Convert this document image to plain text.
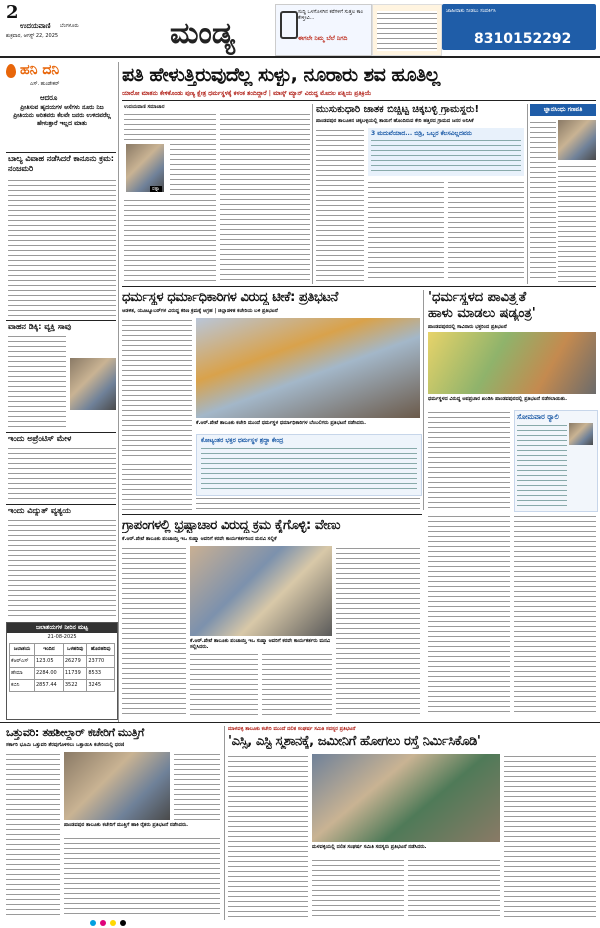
2
ಉದಯವಾಣಿ ಬೆಂಗಳೂರು
ಶುಕ್ರವಾರ, ಆಗಸ್ಟ್ 22, 2025	ಮಂಡ್ಯ
ಸುದ್ದಿ ಒಳಗೊಳಗಿನ ಕರೆಗಳಿಗೆ ಸುತ್ತಲ ಕಾಂ ಕೇಳ್ತೀವಿ...
ಈಗಲೇ ನಿಮ್ಮ ಬೆಲೆ ನಿಗದಿ
ಜಾಹೀರಾತು ನೀಡಲು ಸಂಪರ್ಕಿಸಿ
8310152292
ಹನಿ ದನಿ
ಎಸ್. ಹುಂಡೇಕರ್
ಆದರೂ
ಪ್ರೀತಿಸುವ ಹೃದಯಗಳ ಆಸೆಗಳು ನೂರು ನಿಜ ಪ್ರೀತಿಯನು ಅರಿತವರು ಕೆಲವೇ ಜನರು ಉಳಿದವರೆಲ್ಲ ಹೇಳುತ್ತಾರೆ ಇಲ್ಲದ ಮಾತು
ಬಾಲ್ಯ ವಿವಾಹ ನಡೆಸಿದರೆ ಕಾನೂನು ಕ್ರಮ: ನಂಜಮರಿ
ವಾಹನ ಡಿಕ್ಕಿ: ವ್ಯಕ್ತಿ ಸಾವು
ಇಂದು ಅಪ್ರೆಂಟಿಸ್ ಮೇಳ
ಇಂದು ವಿದ್ಯುತ್ ವ್ಯತ್ಯಯ
ಜಲಾಶಯಗಳ ನೀರಿನ ಮಟ್ಟ
21-08-2025
ಜಲಾಶಯ	ಇಂದಿನ	ಒಳಹರಿವು	ಹೊರಹರಿವು
ಕೆಆರ್‌ಎಸ್	123.05	26279	23770
ಹೇಮಾ	2284.00	11739	8533
ಕಬಿನಿ	2857.44	3522	3245
ಪತಿ ಹೇಳುತ್ತಿರುವುದೆಲ್ಲ ಸುಳ್ಳು, ನೂರಾರು ಶವ ಹೂತಿಲ್ಲ
ಯಾರೋ ಮಾತನು ಕೇಳಿಕೊಂಡು ಪುಣ್ಯ ಕ್ಷೇತ್ರ ಧರ್ಮಸ್ಥಳಕ್ಕೆ ಕಳಂಕ ತಂದಿದ್ದಾರೆ | ಮಾಸ್ಕ್ ಮ್ಯಾನ್ ವಿರುದ್ಧ ಮೊದಲ ಪತ್ನಿಯ ಪ್ರತಿಕ್ರಿಯೆ
ಉದಯವಾಣಿ ಸಮಾಚಾರ
ರತ್ನಾ
ಮುಸುಕುಧಾರಿ ಜಾತಕ ಬಿಚ್ಚಿಟ್ಟ ಚಿಕ್ಕಬಳ್ಳಿ ಗ್ರಾಮಸ್ಥರು!
ಪಾಂಡವಪುರ ತಾಲೂಕಿನ ಚಿಕ್ಕಬಳ್ಳಿಯಲ್ಲಿ ತಾಯಿಗೆ ಹೊಂದಿರುವ ಕೇರಿ ಹತ್ತಿರದ ಗ್ರಾಮದ ಜನರ ಅನಿಸಿಕೆ
3 ಮದುವೆಯಾದ... ಬಿಡ್ರಿ, ಒಬ್ಬರ ಕೆಲಸವಿಲ್ಲದವನು
ಜ್ಞಾನಸಿಂಧು ಗಣಪತಿ
ಧರ್ಮಸ್ಥಳ ಧರ್ಮಾಧಿಕಾರಿಗಳ ವಿರುದ್ಧ ಟೀಕೆ: ಪ್ರತಿಭಟನೆ
ಆಡಳಿತ, ಯೂಟ್ಯೂಬರ್‌ಗಳ ವಿರುದ್ಧ ಕಠಿಣ ಕ್ರಮಕ್ಕೆ ಆಗ್ರಹ | ಜಿಲ್ಲಾಡಳಿತ ಕಚೇರಿಯ ಬಳಿ ಪ್ರತಿಭಟನೆ
ಕೆ.ಆರ್.ಪೇಟೆ ತಾಲೂಕು ಕಚೇರಿ ಮುಂದೆ ಧರ್ಮಸ್ಥಳ ಧರ್ಮಾಧಿಕಾರಿಗಳ ಬೆಂಬಲಿಗರು ಪ್ರತಿಭಟನೆ ನಡೆಸಿದರು.
ಕೋಟ್ಯಂತರ ಭಕ್ತರ ಧರ್ಮಸ್ಥಳ ಶ್ರದ್ಧಾ ಕೇಂದ್ರ
'ಧರ್ಮಸ್ಥಳದ ಪಾವಿತ್ರ್ಯತೆ
ಹಾಳು ಮಾಡಲು ಷಡ್ಯಂತ್ರ'
ಪಾಂಡವಪುರದಲ್ಲಿ ಸಾವಿರಾರು ಭಕ್ತರಿಂದ ಪ್ರತಿಭಟನೆ
ಧರ್ಮಸ್ಥಳದ ವಿರುದ್ಧ ಅಪಪ್ರಚಾರ ಖಂಡಿಸಿ ಪಾಂಡವಪುರದಲ್ಲಿ ಪ್ರತಿಭಟನೆ ನಡೆಸಲಾಯಿತು.
ಸೋಮವಾರ ರ‍್ಯಾಲಿ
ಗ್ರಾಪಂಗಳಲ್ಲಿ ಭ್ರಷ್ಟಾಚಾರ ವಿರುದ್ಧ ಕ್ರಮ ಕೈಗೊಳ್ಳಿ: ವೇಣು
ಕೆ.ಆರ್.ಪೇಟೆ ತಾಲೂಕು ಪಂಚಾಯ್ತಿ ಇಒ ಸುಷ್ಮಾ ಅವರಿಗೆ ಕರವೇ ಕಾರ್ಯಕರ್ತರಿಂದ ಮನವಿ ಸಲ್ಲಿಕೆ
ಕೆ.ಆರ್.ಪೇಟೆ ತಾಲೂಕು ಪಂಚಾಯ್ತಿ ಇಒ ಸುಷ್ಮಾ ಅವರಿಗೆ ಕರವೇ ಕಾರ್ಯಕರ್ತರು ಮನವಿ ಸಲ್ಲಿಸಿದರು.
ಒತ್ತುವರಿ: ತಹಶೀಲ್ದಾರ್ ಕಚೇರಿಗೆ ಮುತ್ತಿಗೆ
ಸರ್ಕಾರಿ ಭೂಮಿ ಒತ್ತುವರಿ ತೆರವುಗೊಳಿಸಲು ಒತ್ತಾಯಿಸಿ ಕಚೇರಿಯಲ್ಲಿ ಧರಣಿ
ಪಾಂಡವಪುರ ತಾಲೂಕು ಕಚೇರಿಗೆ ಮುತ್ತಿಗೆ ಹಾಕಿ ರೈತರು ಪ್ರತಿಭಟನೆ ನಡೆಸಿದರು.
ಮಾಳವಳ್ಳಿ ತಾಲೂಕು ಕಚೇರಿ ಮುಂದೆ ದಲಿತ ಸಂಘರ್ಷ ಸಮಿತಿ ಸದಸ್ಯರ ಪ್ರತಿಭಟನೆ
'ಎಸ್ಸಿ, ಎಸ್ಟಿ ಸ್ಮಶಾನಕ್ಕೆ, ಜಮೀನಿಗೆ ಹೋಗಲು ರಸ್ತೆ ನಿರ್ಮಿಸಿಕೊಡಿ'
ಮಳವಳ್ಳಿಯಲ್ಲಿ ದಲಿತ ಸಂಘರ್ಷ ಸಮಿತಿ ಸದಸ್ಯರು ಪ್ರತಿಭಟನೆ ನಡೆಸಿದರು.
